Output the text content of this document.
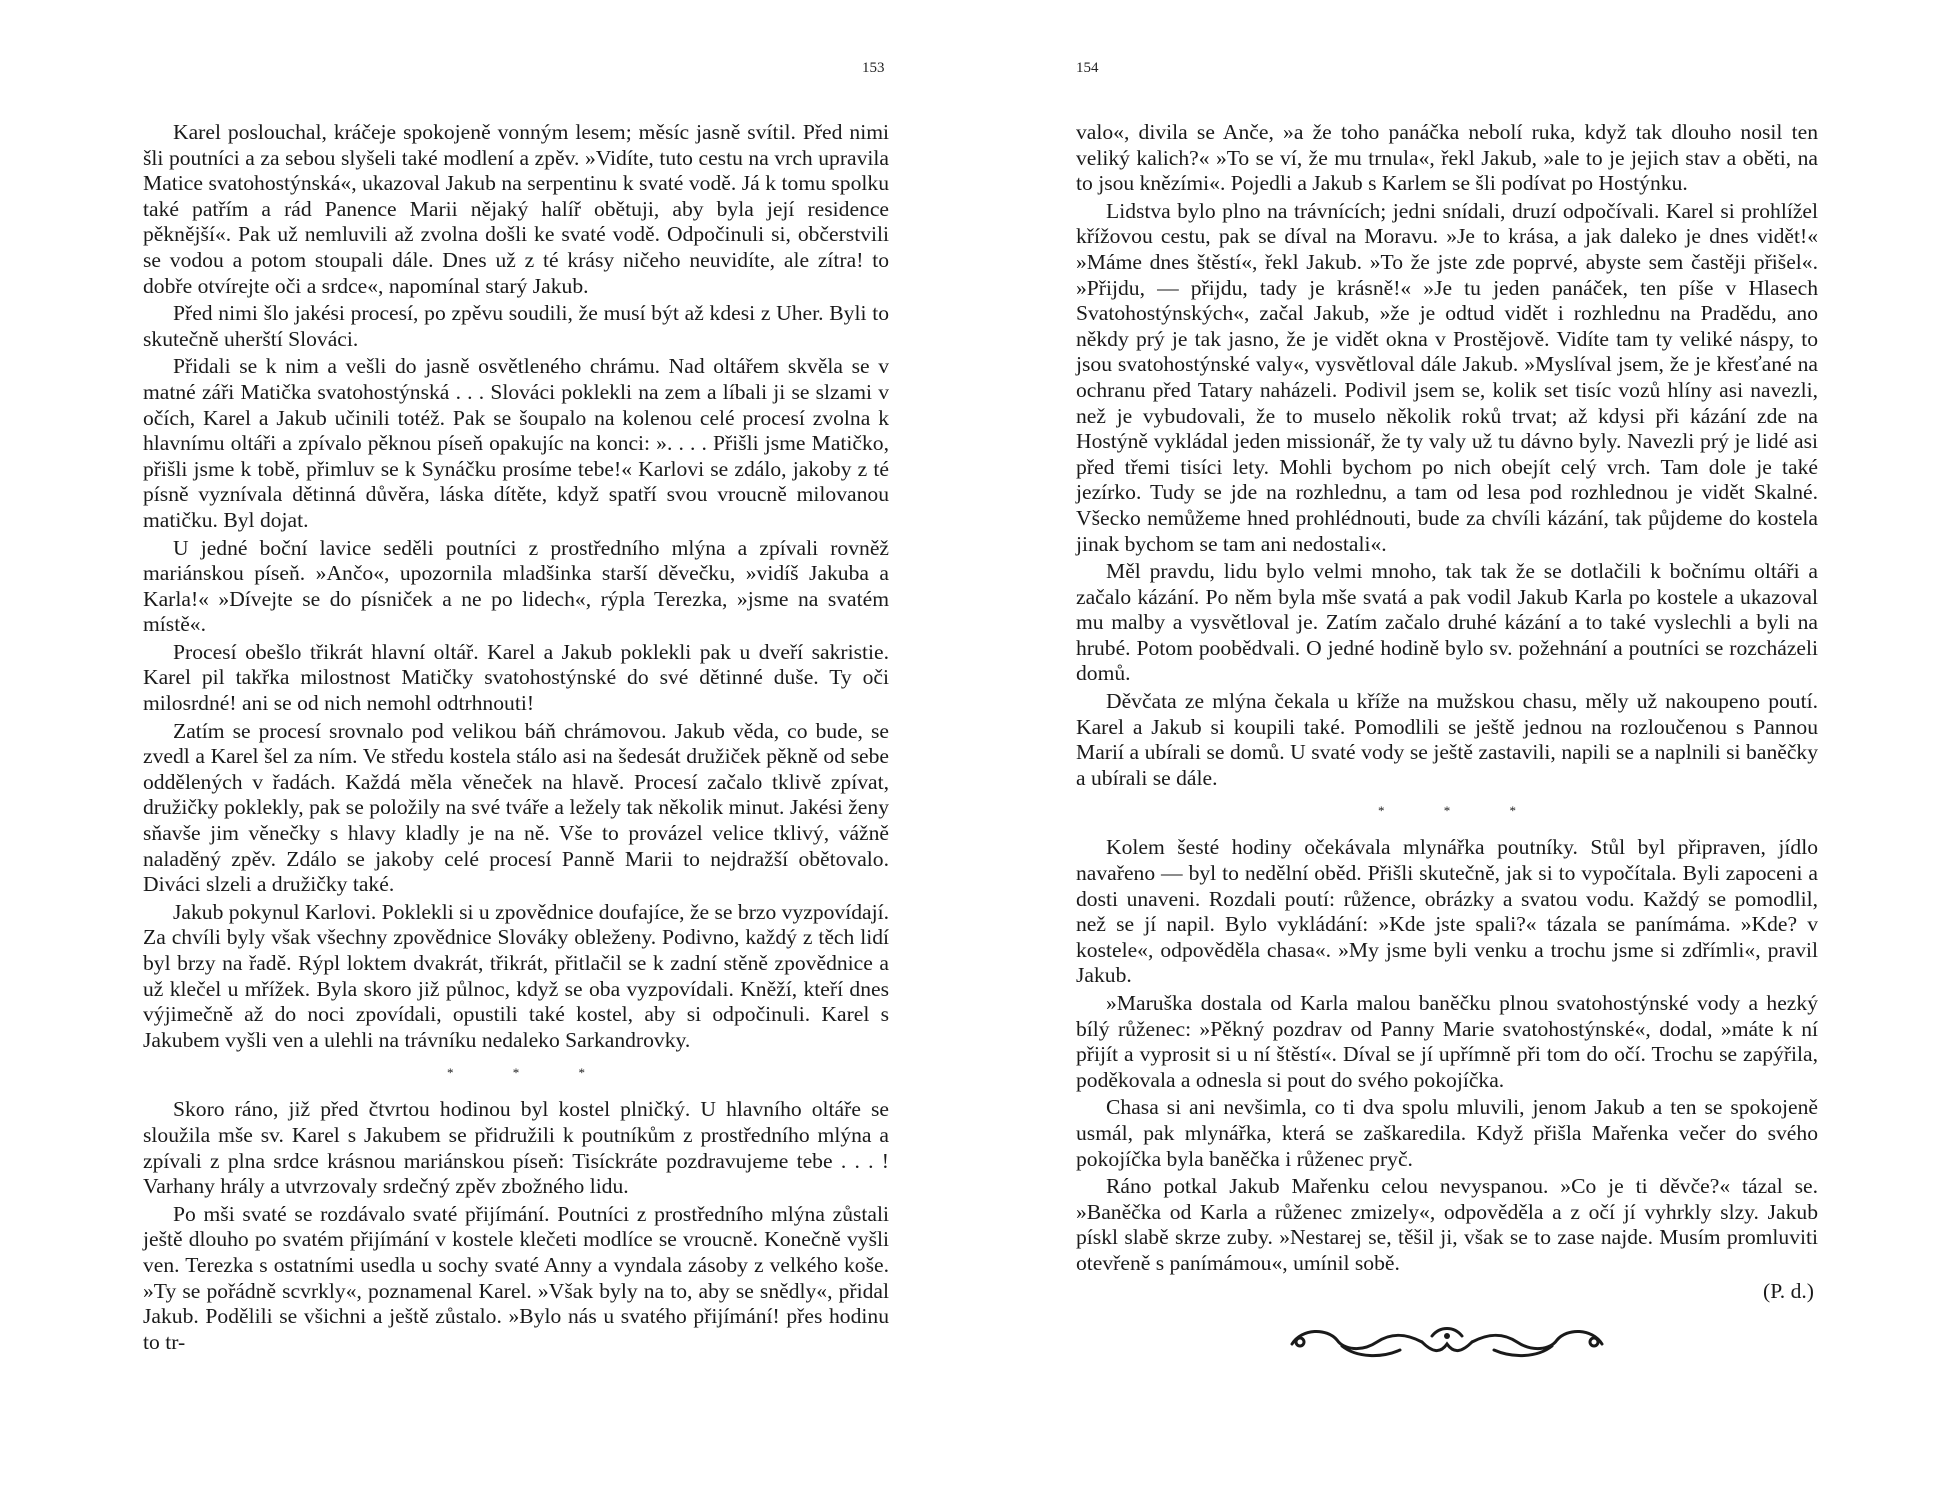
153

Karel poslouchal, kráčeje spokojeně vonným lesem; měsíc jasně svítil. Před nimi šli poutníci a za sebou slyšeli také modlení a zpěv. »Vidíte, tuto cestu na vrch upravila Matice svatohostýnská«, ukazoval Jakub na serpentinu k svaté vodě. Já k tomu spolku také patřím a rád Panence Marii nějaký halíř obětuji, aby byla její residence pěknější«. Pak už nemluvili až zvolna došli ke svaté vodě. Odpočinuli si, občerstvili se vodou a potom stoupali dále. Dnes už z té krásy ničeho neuvidíte, ale zítra! to dobře otvírejte oči a srdce«, napomínal starý Jakub.

Před nimi šlo jakési procesí, po zpěvu soudili, že musí být až kdesi z Uher. Byli to skutečně uherští Slováci.

Přidali se k nim a vešli do jasně osvětleného chrámu. Nad oltářem skvěla se v matné záři Matička svatohostýnská . . . Slováci poklekli na zem a líbali ji se slzami v očích, Karel a Jakub učinili totéž. Pak se šoupalo na kolenou celé procesí zvolna k hlavnímu oltáři a zpívalo pěknou píseň opakujíc na konci: ». . . . Přišli jsme Matičko, přišli jsme k tobě, přimluv se k Synáčku prosíme tebe!« Karlovi se zdálo, jakoby z té písně vyznívala dětinná důvěra, láska dítěte, když spatří svou vroucně milovanou matičku. Byl dojat.

U jedné boční lavice seděli poutníci z prostředního mlýna a zpívali rovněž mariánskou píseň. »Ančo«, upozornila mladšinka starší děvečku, »vidíš Jakuba a Karla!« »Dívejte se do písniček a ne po lidech«, rýpla Terezka, »jsme na svatém místě«.

Procesí obešlo třikrát hlavní oltář. Karel a Jakub poklekli pak u dveří sakristie. Karel pil takřka milostnost Matičky svatohostýnské do své dětinné duše. Ty oči milosrdné! ani se od nich nemohl odtrhnouti!

Zatím se procesí srovnalo pod velikou báň chrámovou. Jakub věda, co bude, se zvedl a Karel šel za ním. Ve středu kostela stálo asi na šedesát družiček pěkně od sebe oddělených v řadách. Každá měla věneček na hlavě. Procesí začalo tklivě zpívat, družičky poklekly, pak se položily na své tváře a ležely tak několik minut. Jakési ženy sňavše jim věnečky s hlavy kladly je na ně. Vše to provázel velice tklivý, vážně naladěný zpěv. Zdálo se jakoby celé procesí Panně Marii to nejdražší obětovalo. Diváci slzeli a družičky také.

Jakub pokynul Karlovi. Poklekli si u zpovědnice doufajíce, že se brzo vyzpovídají. Za chvíli byly však všechny zpovědnice Slováky obleženy. Podivno, každý z těch lidí byl brzy na řadě. Rýpl loktem dvakrát, třikrát, přitlačil se k zadní stěně zpovědnice a už klečel u mřížek. Byla skoro již půlnoc, když se oba vyzpovídali. Kněží, kteří dnes výjimečně až do noci zpovídali, opustili také kostel, aby si odpočinuli. Karel s Jakubem vyšli ven a ulehli na trávníku nedaleko Sarkandrovky.

* * *

Skoro ráno, již před čtvrtou hodinou byl kostel plničký. U hlavního oltáře se sloužila mše sv. Karel s Jakubem se přidružili k poutníkům z prostředního mlýna a zpívali z plna srdce krásnou mariánskou píseň: Tisíckráte pozdravujeme tebe . . . ! Varhany hrály a utvrzovaly srdečný zpěv zbožného lidu.

Po mši svaté se rozdávalo svaté přijímání. Poutníci z prostředního mlýna zůstali ještě dlouho po svatém přijímání v kostele klečeti modlíce se vroucně. Konečně vyšli ven. Terezka s ostatními usedla u sochy svaté Anny a vyndala zásoby z velkého koše. »Ty se pořádně scvrkly«, poznamenal Karel. »Však byly na to, aby se snědly«, přidal Jakub. Podělili se všichni a ještě zůstalo. »Bylo nás u svatého přijímání! přes hodinu to tr-

154

valo«, divila se Anče, »a že toho panáčka nebolí ruka, když tak dlouho nosil ten veliký kalich?« »To se ví, že mu trnula«, řekl Jakub, »ale to je jejich stav a oběti, na to jsou knězími«. Pojedli a Jakub s Karlem se šli podívat po Hostýnku.

Lidstva bylo plno na trávnících; jedni snídali, druzí odpočívali. Karel si prohlížel křížovou cestu, pak se díval na Moravu. »Je to krása, a jak daleko je dnes vidět!« »Máme dnes štěstí«, řekl Jakub. »To že jste zde poprvé, abyste sem častěji přišel«. »Přijdu, — přijdu, tady je krásně!« »Je tu jeden panáček, ten píše v Hlasech Svatohostýnských«, začal Jakub, »že je odtud vidět i rozhlednu na Pradědu, ano někdy prý je tak jasno, že je vidět okna v Prostějově. Vidíte tam ty veliké náspy, to jsou svatohostýnské valy«, vysvětloval dále Jakub. »Myslíval jsem, že je křesťané na ochranu před Tatary naházeli. Podivil jsem se, kolik set tisíc vozů hlíny asi navezli, než je vybudovali, že to muselo několik roků trvat; až kdysi při kázání zde na Hostýně vykládal jeden missionář, že ty valy už tu dávno byly. Navezli prý je lidé asi před třemi tisíci lety. Mohli bychom po nich obejít celý vrch. Tam dole je také jezírko. Tudy se jde na rozhlednu, a tam od lesa pod rozhlednou je vidět Skalné. Všecko nemůžeme hned prohlédnouti, bude za chvíli kázání, tak půjdeme do kostela jinak bychom se tam ani nedostali«.

Měl pravdu, lidu bylo velmi mnoho, tak tak že se dotlačili k bočnímu oltáři a začalo kázání. Po něm byla mše svatá a pak vodil Jakub Karla po kostele a ukazoval mu malby a vysvětloval je. Zatím začalo druhé kázání a to také vyslechli a byli na hrubé. Potom poobědvali. O jedné hodině bylo sv. požehnání a poutníci se rozcházeli domů.

Děvčata ze mlýna čekala u kříže na mužskou chasu, měly už nakoupeno poutí. Karel a Jakub si koupili také. Pomodlili se ještě jednou na rozloučenou s Pannou Marií a ubírali se domů. U svaté vody se ještě zastavili, napili se a naplnili si baněčky a ubírali se dále.

* * *

Kolem šesté hodiny očekávala mlynářka poutníky. Stůl byl připraven, jídlo navařeno — byl to nedělní oběd. Přišli skutečně, jak si to vypočítala. Byli zapoceni a dosti unaveni. Rozdali poutí: růžence, obrázky a svatou vodu. Každý se pomodlil, než se jí napil. Bylo vykládání: »Kde jste spali?« tázala se panímáma. »Kde? v kostele«, odpověděla chasa«. »My jsme byli venku a trochu jsme si zdřímli«, pravil Jakub.

»Maruška dostala od Karla malou baněčku plnou svatohostýnské vody a hezký bílý růženec: »Pěkný pozdrav od Panny Marie svatohostýnské«, dodal, »máte k ní přijít a vyprosit si u ní štěstí«. Díval se jí upřímně při tom do očí. Trochu se zapýřila, poděkovala a odnesla si pout do svého pokojíčka.

Chasa si ani nevšimla, co ti dva spolu mluvili, jenom Jakub a ten se spokojeně usmál, pak mlynářka, která se zaškaredila. Když přišla Mařenka večer do svého pokojíčka byla baněčka i růženec pryč.

Ráno potkal Jakub Mařenku celou nevyspanou. »Co je ti děvče?« tázal se. »Baněčka od Karla a růženec zmizely«, odpověděla a z očí jí vyhrkly slzy. Jakub pískl slabě skrze zuby. »Nestarej se, těšil ji, však se to zase najde. Musím promluviti otevřeně s panímámou«, umínil sobě.

(P. d.)
